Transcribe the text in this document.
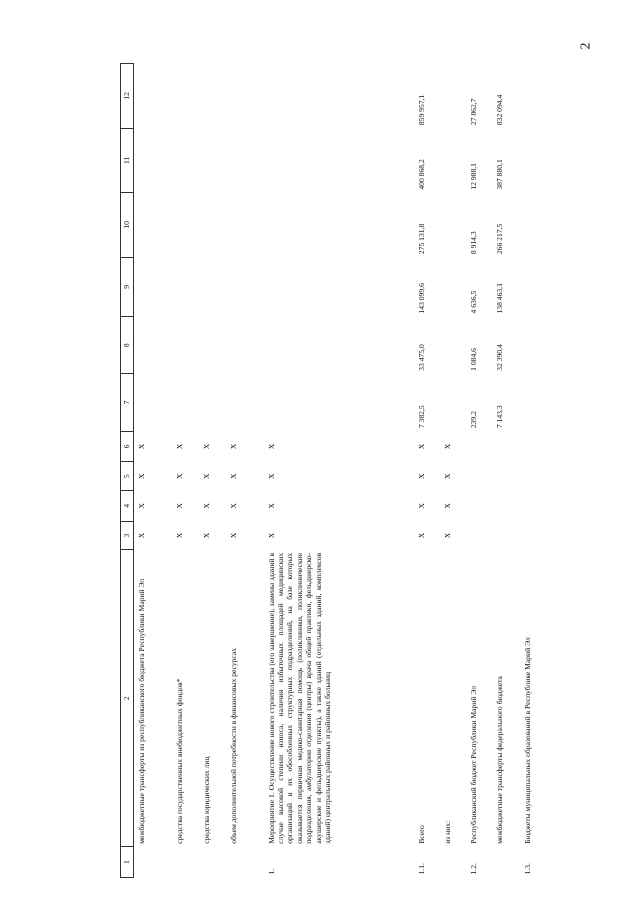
2
1	2	3	4	5	6	7	8	9	10	11	12
	межбюджетные трансферты из республиканского бюджета Республики Марий Эл	X	X	X	X						
	средства государственных внебюджетных фондов*	X	X	X	X						
	средства юридических лиц	X	X	X	X						
	объем дополнительной потребности в финансовых ресурсах	X	X	X	X						
1.	Мероприятие 1. Осуществление нового строительства (его завершение), замены зданий в случае высокой степени износа, наличия избыточных площадей медицинских организаций и их обособленных структурных подразделений, на базе которых оказывается первичная медико-санитарная помощь (поликлиники, поликлинические подразделения, амбулатории отделения (центры) врача общей практики, фельдшерско-акушерские и фельдшерские пункты), а также зданий (отдельных зданий, комплексов зданий) центральных районных и районных больниц	X	X	X	X						
1.1.	Всего	X	X	X	X	7 382,5	33 475,0	143 099,6	275 131,8	400 868,2	859 957,1
	из них:	X	X	X	X						
1.2.	Республиканский бюджет Республики Марий Эл					239,2	1 084,6	4 636,5	8 914,3	12 988,1	27 862,7
	межбюджетные трансферты федерального бюджета					7 143,3	32 390,4	138 463,1	266 217,5	387 880,1	832 094,4
1.3.	Бюджеты муниципальных образований в Республике Марий Эл										
